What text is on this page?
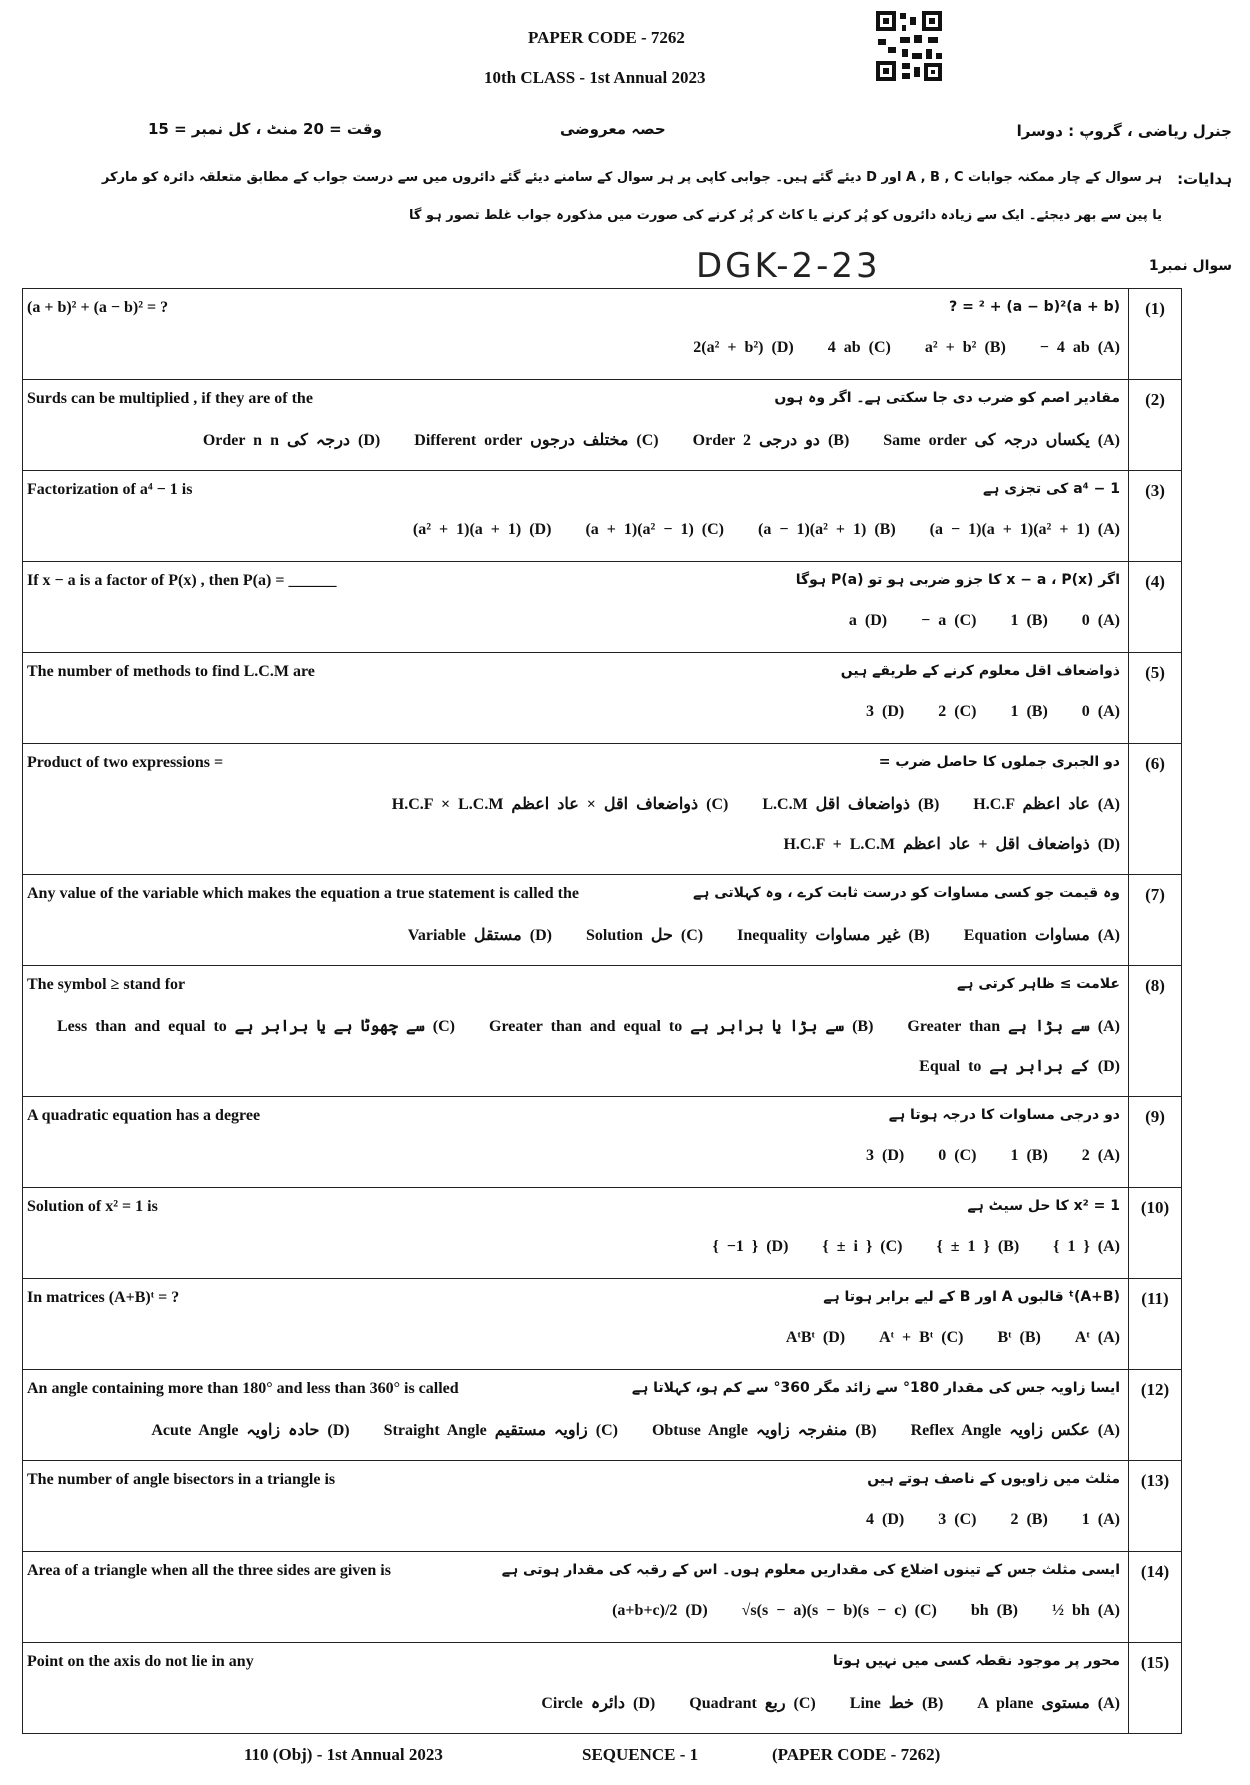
PAPER CODE - 7262
10th CLASS - 1st Annual 2023
جنرل ریاضی ، گروپ : دوسرا
حصہ معروضی
وقت = 20 منٹ ، کل نمبر = 15
ہدایات:
ہر سوال کے چار ممکنہ جوابات A , B , C اور D دیئے گئے ہیں۔ جوابی کاپی پر ہر سوال کے سامنے دیئے گئے دائروں میں سے درست جواب کے مطابق متعلقہ دائرہ کو مارکر
یا پین سے بھر دیجئے۔ ایک سے زیادہ دائروں کو پُر کرنے یا کاٹ کر پُر کرنے کی صورت میں مذکورہ جواب غلط تصور ہو گا
DGK-2-23	سوال نمبر1
(a + b)² + (a − b)² = ? (a + b)² + (a − b)² = ?
2(a² + b²) (D) 4 ab (C) a² + b² (B) − 4 ab (A)	(1)

Surds can be multiplied , if they are of the مقادیر اصم کو ضرب دی جا سکتی ہے۔ اگر وہ ہوں
Order n n درجہ کی (D) Different order مختلف درجوں (C) Order 2 دو درجی (B) Same order یکساں درجہ کی (A)	(2)

Factorization of a⁴ − 1 is a⁴ − 1 کی تجزی ہے
(a² + 1)(a + 1) (D) (a + 1)(a² − 1) (C) (a − 1)(a² + 1) (B) (a − 1)(a + 1)(a² + 1) (A)	(3)

If x − a is a factor of P(x) , then P(a) = ______ اگر x − a ، P(x) کا جزو ضربی ہو تو P(a) ہوگا
a (D) − a (C) 1 (B) 0 (A)	(4)

The number of methods to find L.C.M are ذواضعاف اقل معلوم کرنے کے طریقے ہیں
3 (D) 2 (C) 1 (B) 0 (A)	(5)

Product of two expressions = دو الجبری جملوں کا حاصل ضرب =
H.C.F × L.C.M ذواضعاف اقل × عاد اعظم (C) L.C.M ذواضعاف اقل (B) H.C.F عاد اعظم (A)
H.C.F + L.C.M ذواضعاف اقل + عاد اعظم (D)	(6)

Any value of the variable which makes the equation a true statement is called the وہ قیمت جو کسی مساوات کو درست ثابت کرے ، وہ کہلاتی ہے
Variable مستقل (D) Solution حل (C) Inequality غیر مساوات (B) Equation مساوات (A)	(7)

The symbol ≥ stand for علامت ≥ ظاہر کرتی ہے
Less than and equal to سے چھوٹا ہے یا برابر ہے (C) Greater than and equal to سے بڑا یا برابر ہے (B) Greater than سے بڑا ہے (A)
Equal to کے برابر ہے (D)	(8)

A quadratic equation has a degree دو درجی مساوات کا درجہ ہوتا ہے
3 (D) 0 (C) 1 (B) 2 (A)	(9)

Solution of x² = 1 is x² = 1 کا حل سیٹ ہے
{ −1 } (D) { ± i } (C) { ± 1 } (B) { 1 } (A)	(10)

In matrices (A+B)ᵗ = ? (A+B)ᵗ قالبوں A اور B کے لیے برابر ہوتا ہے
AᵗBᵗ (D) Aᵗ + Bᵗ (C) Bᵗ (B) Aᵗ (A)	(11)

An angle containing more than 180° and less than 360° is called ایسا زاویہ جس کی مقدار 180° سے زائد مگر 360° سے کم ہو، کہلاتا ہے
Acute Angle حادہ زاویہ (D) Straight Angle زاویہ مستقیم (C) Obtuse Angle منفرجہ زاویہ (B) Reflex Angle عکس زاویہ (A)	(12)

The number of angle bisectors in a triangle is مثلث میں زاویوں کے ناصف ہوتے ہیں
4 (D) 3 (C) 2 (B) 1 (A)	(13)

Area of a triangle when all the three sides are given is ایسی مثلث جس کے تینوں اضلاع کی مقداریں معلوم ہوں۔ اس کے رقبہ کی مقدار ہوتی ہے
(a+b+c)/2 (D) √s(s − a)(s − b)(s − c) (C) bh (B) ½ bh (A)	(14)

Point on the axis do not lie in any محور پر موجود نقطہ کسی میں نہیں ہوتا
Circle دائرہ (D) Quadrant ربع (C) Line خط (B) A plane مستوی (A)	(15)
110 (Obj) - 1st Annual 2023	SEQUENCE - 1	(PAPER CODE - 7262)
